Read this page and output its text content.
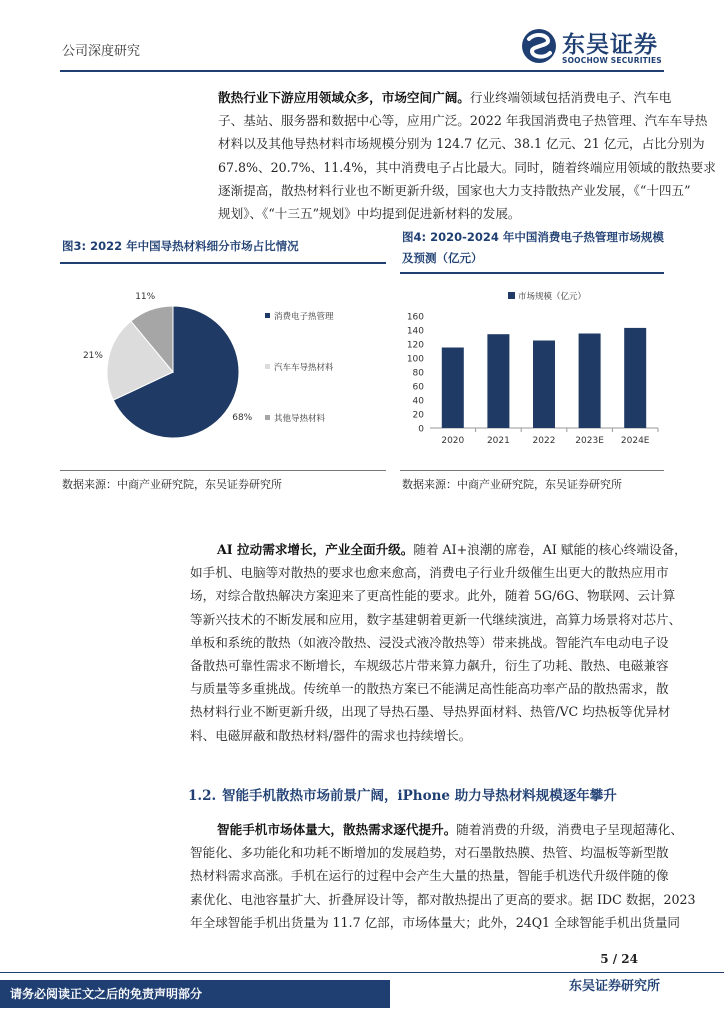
公司深度研究	东吴证券
SOOCHOW SECURITIES
散热行业下游应用领域众多，市场空间广阔。行业终端领域包括消费电子、汽车电
子、基站、服务器和数据中心等，应用广泛。2022 年我国消费电子热管理、汽车车导热
材料以及其他导热材料市场规模分别为 124.7 亿元、38.1 亿元、21 亿元，占比分别为
67.8%、20.7%、11.4%，其中消费电子占比最大。同时，随着终端应用领域的散热要求
逐渐提高，散热材料行业也不断更新升级，国家也大力支持散热产业发展，《“十四五”
规划》、《“十三五”规划》中均提到促进新材料的发展。
图3: 2022 年中国导热材料细分市场占比情况
68%
21%
11%
消费电子热管理
汽车车导热材料
其他导热材料
数据来源：中商产业研究院，东吴证券研究所
图4: 2020-2024 年中国消费电子热管理市场规模
及预测（亿元）
市场规模（亿元）
0
20
40
60
80
100
120
140
160
2020	2021	2022 2023E 2024E
数据来源：中商产业研究院，东吴证券研究所
AI 拉动需求增长，产业全面升级。随着 AI+浪潮的席卷，AI 赋能的核心终端设备，
如手机、电脑等对散热的要求也愈来愈高，消费电子行业升级催生出更大的散热应用市
场，对综合散热解决方案迎来了更高性能的要求。此外，随着 5G/6G、物联网、云计算
等新兴技术的不断发展和应用，数字基建朝着更新一代继续演进，高算力场景将对芯片、
单板和系统的散热（如液冷散热、浸没式液冷散热等）带来挑战。智能汽车电动电子设
备散热可靠性需求不断增长，车规级芯片带来算力飙升，衍生了功耗、散热、电磁兼容
与质量等多重挑战。传统单一的散热方案已不能满足高性能高功率产品的散热需求，散
热材料行业不断更新升级，出现了导热石墨、导热界面材料、热管/VC 均热板等优异材
料、电磁屏蔽和散热材料/器件的需求也持续增长。
1.2. 智能手机散热市场前景广阔，iPhone 助力导热材料规模逐年攀升
智能手机市场体量大，散热需求逐代提升。随着消费的升级，消费电子呈现超薄化、
智能化、多功能化和功耗不断增加的发展趋势，对石墨散热膜、热管、均温板等新型散
热材料需求高涨。手机在运行的过程中会产生大量的热量，智能手机迭代升级伴随的像
素优化、电池容量扩大、折叠屏设计等，都对散热提出了更高的要求。据 IDC 数据，2023
年全球智能手机出货量为 11.7 亿部，市场体量大；此外，24Q1 全球智能手机出货量同
5 / 24
请务必阅读正文之后的免责声明部分	东吴证券研究所
